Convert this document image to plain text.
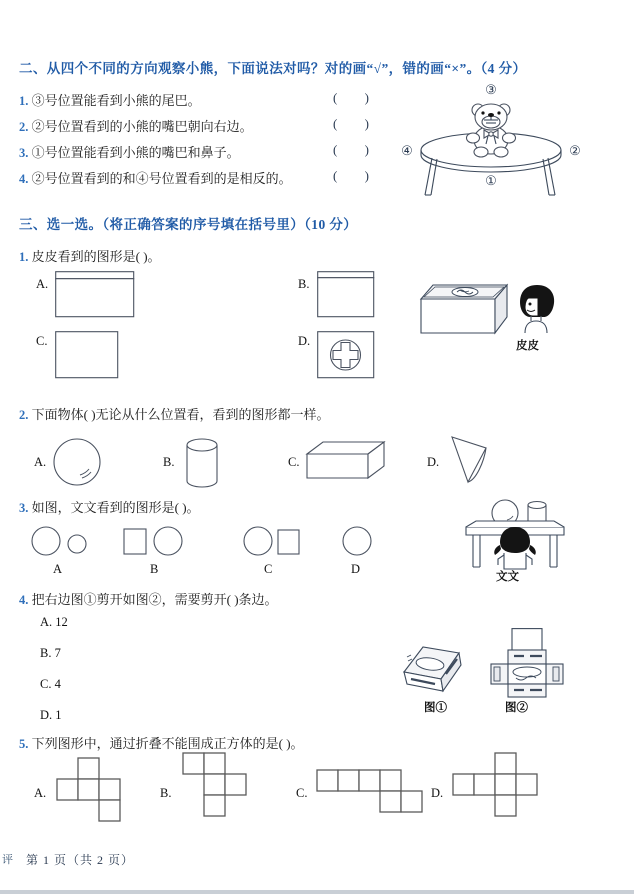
二、从四个不同的方向观察小熊，下面说法对吗？对的画“√”，错的画“×”。（4 分）
1. ③号位置能看到小熊的尾巴。	( )
2. ②号位置看到的小熊的嘴巴朝向右边。	( )
3. ①号位置能看到小熊的嘴巴和鼻子。	( )
4. ②号位置看到的和④号位置看到的是相反的。	( )
③
②
①
④
三、选一选。（将正确答案的序号填在括号里）（10 分）
1. 皮皮看到的图形是( )。
A.	B.
C.	D.	皮皮
2. 下面物体( )无论从什么位置看，看到的图形都一样。
A.	B.	C.	D.
3. 如图，文文看到的图形是( )。
A	B	C	D
文文
4. 把右边图①剪开如图②，需要剪开( )条边。
A. 12
B. 7
C. 4
D. 1	图①	图②
5. 下列图形中，通过折叠不能围成正方体的是( )。
A.	B.	C.	D.
评 第 1 页（共 2 页）
